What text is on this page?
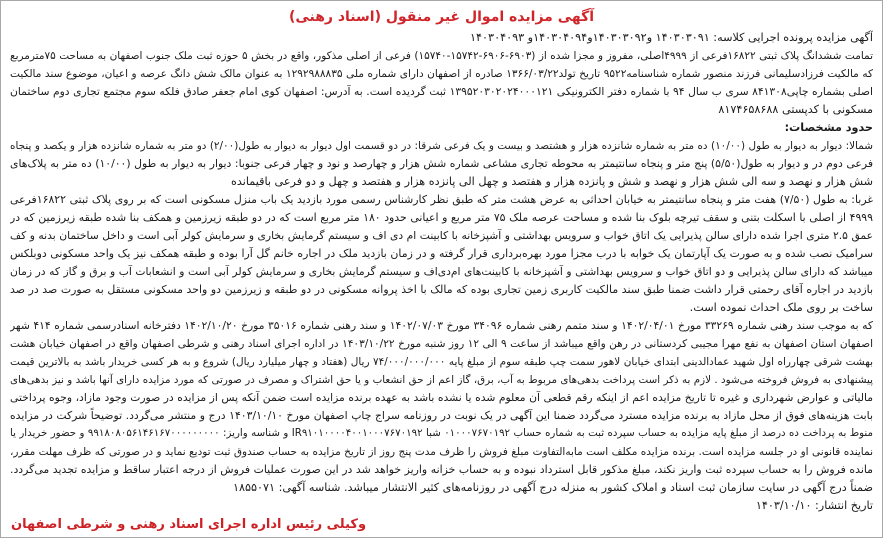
آگهی مزایده اموال غیر منقول (اسناد رهنی)
آگهی مزایده پرونده اجرایی کلاسه: ۱۴۰۳۰۳۰۹۱ و۱۴۰۳۰۳۰۹۲و۱۴۰۳۰۴۰۹۴و ۱۴۰۳۰۴۰۹۳
تمامت ششدانگ پلاک ثبتی ۱۶۸۲۲فرعی از ۴۹۹۹اصلی، مفروز و مجزا شده از (۶۹۰۳-۶۹۰۶-۱۵۷۴۲-۱۵۷۴۰) فرعی از اصلی مذکور، واقع در بخش ۵ حوزه ثبت ملک جنوب اصفهان به مساحت ۷۵مترمربع
که مالکیت فرزادسلیمانی فرزند منصور شماره شناسنامه۹۵۲۲ تاریخ تولد۱۳۶۶/۰۳/۲۲ صادره از اصفهان دارای شماره ملی ۱۲۹۲۹۸۸۸۳۵ به عنوان مالک شش دانگ عرصه و اعیان، موضوع سند مالکیت
اصلی بشماره چاپی۸۴۱۳۰۸ سری ب سال ۹۴ با شماره دفتر الکترونیکی ۱۳۹۵۲۰۳۰۲۰۲۴۰۰۰۱۲۱ ثبت گردیده است. به آدرس: اصفهان کوی امام جعفر صادق فلکه سوم مجتمع تجاری دوم ساختمان
مسکونی با کدپستی ۸۱۷۴۶۵۸۶۸۸
حدود مشخصات:
شمالا: دیوار به دیوار به طول (۱۰/۰۰) ده متر به شماره شانزده هزار و هشتصد و بیست و یک فرعی شرقا: در دو قسمت اول دیوار به دیوار به طول(۲/۰۰) دو متر به شماره شانزده هزار و یکصد و پنجاه
فرعی دوم در و دیوار به طول(۵/۵۰) پنج متر و پنجاه سانتیمتر به محوطه تجاری مشاعی شماره شش هزار و چهارصد و نود و چهار فرعی جنوبا: دیوار به دیوار به طول (۱۰/۰۰) ده متر به پلاک‌های
شش هزار و نهصد و سه الی شش هزار و نهصد و شش و پانزده هزار و هفتصد و چهل الی پانزده هزار و هفتصد و چهل و دو فرعی باقیمانده
غربا: به طول (۷/۵۰) هفت متر و پنجاه سانتیمتر به خیابان احداثی به عرض هشت متر که طبق نظر کارشناس رسمی مورد بازدید یک باب منزل مسکونی است که بر روی پلاک ثبتی ۱۶۸۲۲فرعی
۴۹۹۹ از اصلی با اسکلت بتنی و سقف تیرچه بلوک بنا شده و مساحت عرصه ملک ۷۵ متر مربع و اعیانی حدود ۱۸۰ متر مربع است که در دو طبقه زیرزمین و همکف بنا شده طبقه زیرزمین که در
عمق ۲.۵ متری اجرا شده دارای سالن پذیرایی یک اتاق خواب و سرویس بهداشتی و آشپزخانه با کابینت ام دی اف و سیستم گرمایش بخاری و سرمایش کولر آبی است و داخل ساختمان بدنه و کف
سرامیک نصب شده و به صورت یک آپارتمان یک خوابه با درب مجزا مورد بهره‌برداری قرار گرفته و در زمان بازدید ملک در اجاره خانم گل آرا بوده و طبقه همکف نیز یک واحد مسکونی دوبلکس
میباشد که دارای سالن پذیرایی و دو اتاق خواب و سرویس بهداشتی و آشپزخانه با کابینت‌های ام‌دی‌اف و سیستم گرمایش بخاری و سرمایش کولر آبی است و انشعابات آب و برق و گاز که در زمان
بازدید در اجاره آقای رحمتی قرار داشت ضمنا طبق سند مالکیت کاربری زمین تجاری بوده که مالک با اخذ پروانه مسکونی در دو طبقه و زیرزمین دو واحد مسکونی مستقل به صورت صد در صد
ساخت بر روی ملک احداث نموده است.
که به موجب سند رهنی شماره ۳۳۲۶۹ مورخ ۱۴۰۲/۰۴/۰۱ و سند متمم رهنی شماره ۳۴۰۹۶ مورخ ۱۴۰۲/۰۷/۰۳ و سند رهنی شماره ۳۵۰۱۶ مورخ ۱۴۰۲/۱۰/۲۰ دفترخانه اسنادرسمی شماره ۴۱۴ شهر
اصفهان استان اصفهان به نفع مهرا مجیبی کردستانی در رهن واقع میباشد از ساعت ۹ الی ۱۲ روز شنبه مورخ ۱۴۰۳/۱۰/۲۲ در اداره اجرای اسناد رهنی و شرطی اصفهان واقع در اصفهان خیابان هشت
بهشت شرقی چهارراه اول شهید عمادالدینی ابتدای خیابان لاهور سمت چپ طبقه سوم از مبلغ پایه ۷۴/۰۰۰/۰۰۰/۰۰۰ ریال (هفتاد و چهار میلیارد ریال) شروع و به هر کسی خریدار باشد به بالاترین قیمت
پیشنهادی به فروش فروخته می‌شود . لازم به ذکر است پرداخت بدهی‌های مربوط به آب، برق، گاز اعم از حق انشعاب و یا حق اشتراک و مصرف در صورتی که مورد مزایده دارای آنها باشد و نیز بدهی‌های
مالیاتی و عوارض شهرداری و غیره تا تاریخ مزایده اعم از اینکه رقم قطعی آن معلوم شده یا نشده باشد به عهده برنده مزایده است ضمن آنکه پس از مزایده در صورت وجود مازاد، وجوه پرداختی
بابت هزینه‌های فوق از محل مازاد به برنده مزایده مسترد می‌گردد ضمنا این آگهی در یک نوبت در روزنامه سراج چاپ اصفهان مورخ ۱۴۰۳/۱۰/۱۰ درج و منتشر می‌گردد. توضیحاً شرکت در مزایده
منوط به پرداخت ده درصد از مبلغ پایه مزایده به حساب سپرده ثبت به شماره حساب ۰۱۰۰۰۷۶۷۰۱۹۲ شبا IR۹۱۰۱۰۰۰۰۴۰۰۱۰۰۰۷۶۷۰۱۹۲ و شناسه واریز: ۹۹۱۸۰۸۰۵۶۱۴۶۱۶۷۰۰۰۰۰۰۰۰۰ و حضور خریدار یا
نماینده قانونی او در جلسه مزایده است. برنده مزایده مکلف است مابه‌التفاوت مبلغ فروش را ظرف مدت پنج روز از تاریخ مزایده به حساب صندوق ثبت تودیع نماید و در صورتی که ظرف مهلت مقرر،
مانده فروش را به حساب سپرده ثبت واریز نکند، مبلغ مذکور قابل استرداد نبوده و به حساب خزانه واریز خواهد شد در این صورت عملیات فروش از درجه اعتبار ساقط و مزایده تجدید می‌گردد.
ضمناً درج آگهی در سایت سازمان ثبت اسناد و املاک کشور به منزله درج آگهی در روزنامه‌های کثیر الانتشار میباشد. شناسه آگهی: ۱۸۵۵۰۷۱
تاریخ انتشار: ۱۴۰۳/۱۰/۱۰
وکیلی رئیس اداره اجرای اسناد رهنی و شرطی اصفهان
